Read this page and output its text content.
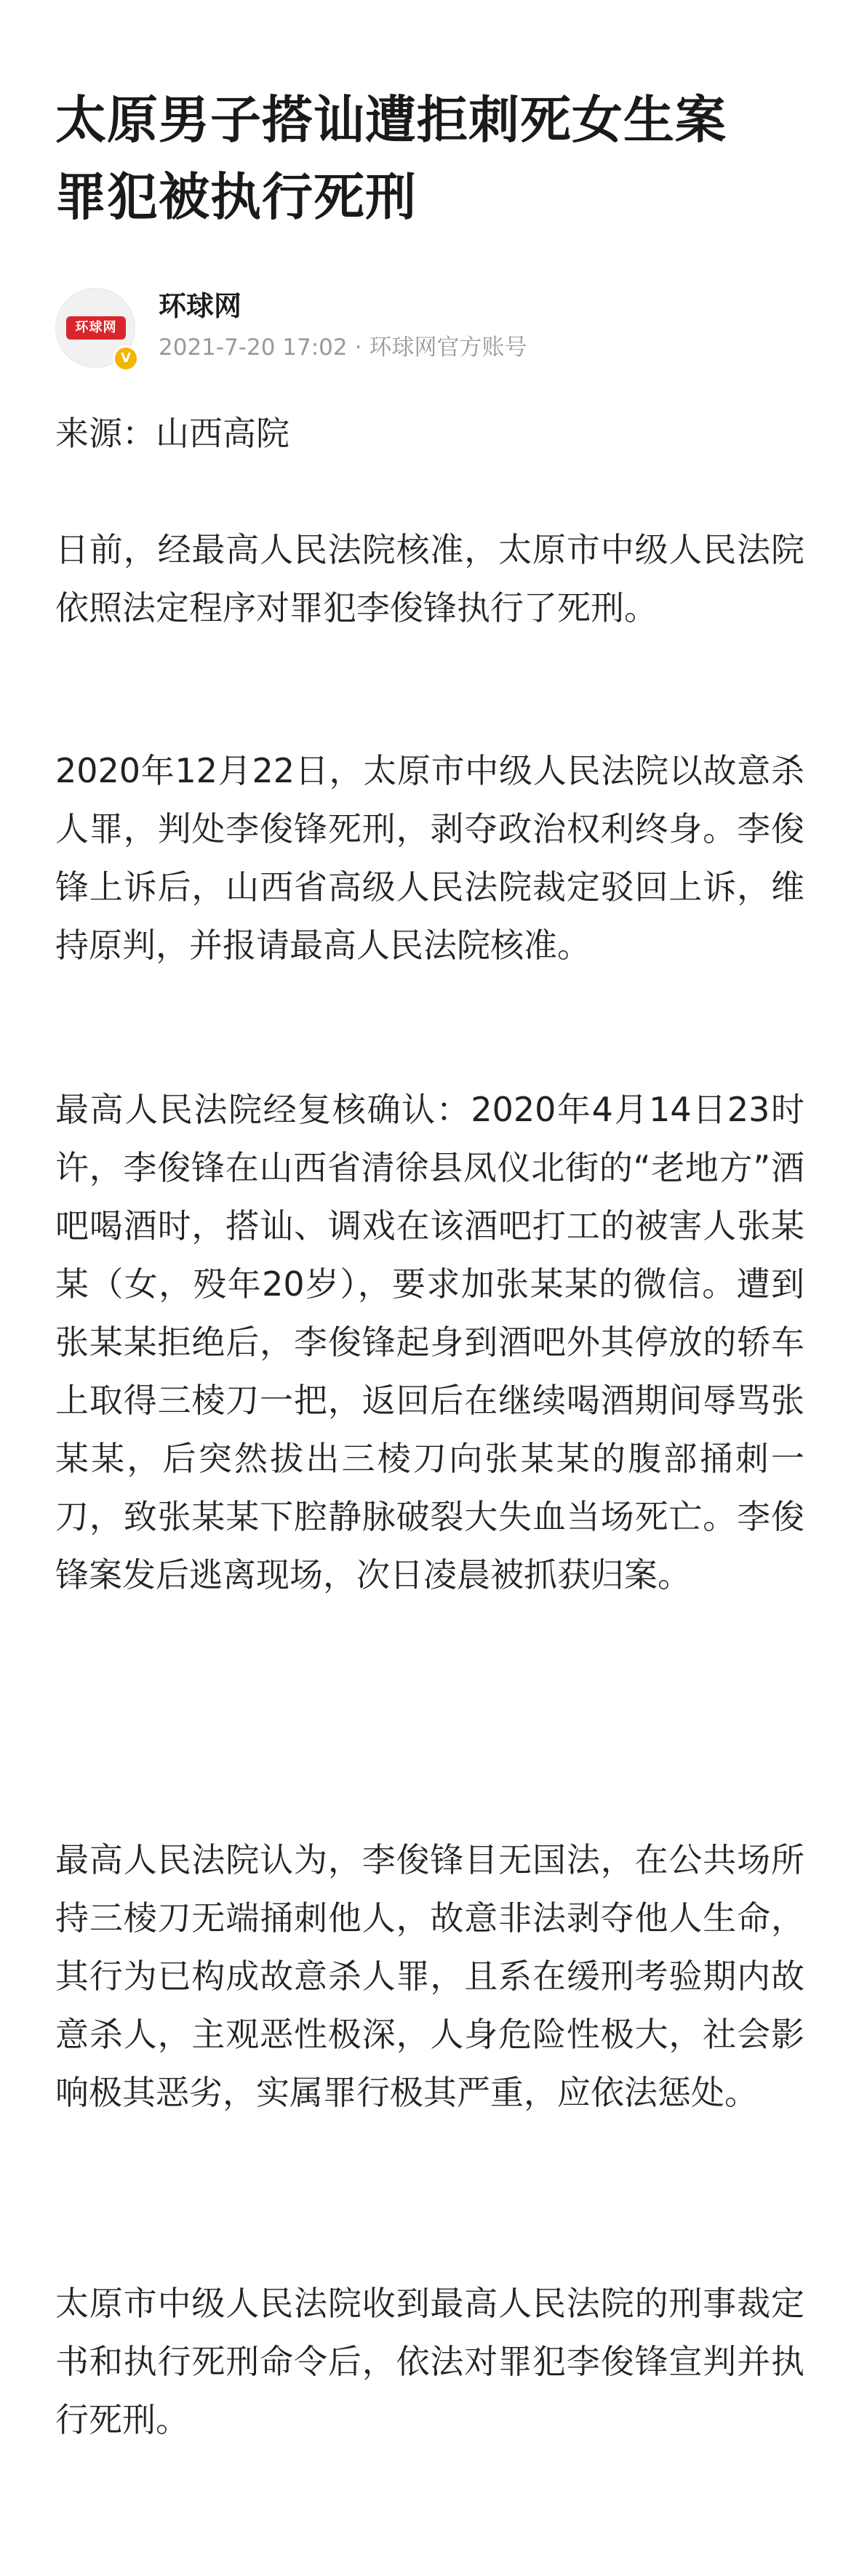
太原男子搭讪遭拒刺死女生案
罪犯被执行死刑
环球网
V
环球网
2021-7-20 17:02 · 环球网官方账号

来源：山西高院

日前，经最高人民法院核准，太原市中级人民法院依照法定程序对罪犯李俊锋执行了死刑。

2020年12月22日，太原市中级人民法院以故意杀人罪，判处李俊锋死刑，剥夺政治权利终身。李俊锋上诉后，山西省高级人民法院裁定驳回上诉，维持原判，并报请最高人民法院核准。

最高人民法院经复核确认：2020年4月14日23时许，李俊锋在山西省清徐县凤仪北街的“老地方”酒吧喝酒时，搭讪、调戏在该酒吧打工的被害人张某某（女，殁年20岁），要求加张某某的微信。遭到张某某拒绝后，李俊锋起身到酒吧外其停放的轿车上取得三棱刀一把，返回后在继续喝酒期间辱骂张某某，后突然拔出三棱刀向张某某的腹部捅刺一刀，致张某某下腔静脉破裂大失血当场死亡。李俊锋案发后逃离现场，次日凌晨被抓获归案。

最高人民法院认为，李俊锋目无国法，在公共场所持三棱刀无端捅刺他人，故意非法剥夺他人生命，其行为已构成故意杀人罪，且系在缓刑考验期内故意杀人，主观恶性极深，人身危险性极大，社会影响极其恶劣，实属罪行极其严重，应依法惩处。

太原市中级人民法院收到最高人民法院的刑事裁定书和执行死刑命令后，依法对罪犯李俊锋宣判并执行死刑。
